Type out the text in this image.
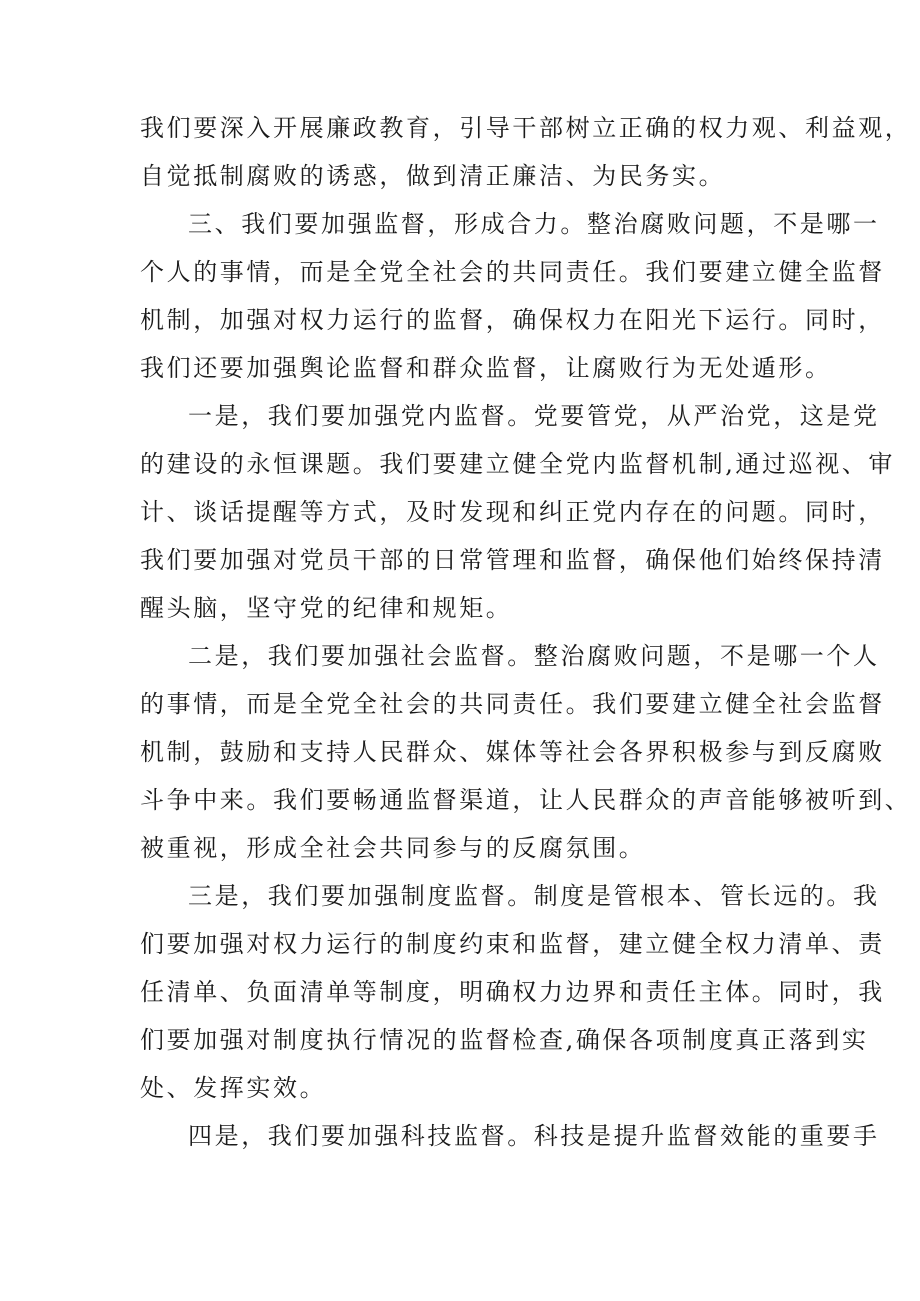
我们要深入开展廉政教育，引导干部树立正确的权力观、利益观，

自觉抵制腐败的诱惑，做到清正廉洁、为民务实。

三、我们要加强监督，形成合力。整治腐败问题，不是哪一

个人的事情，而是全党全社会的共同责任。我们要建立健全监督

机制，加强对权力运行的监督，确保权力在阳光下运行。同时，

我们还要加强舆论监督和群众监督，让腐败行为无处遁形。

一是，我们要加强党内监督。党要管党，从严治党，这是党

的建设的永恒课题。我们要建立健全党内监督机制,通过巡视、审

计、谈话提醒等方式，及时发现和纠正党内存在的问题。同时，

我们要加强对党员干部的日常管理和监督，确保他们始终保持清

醒头脑，坚守党的纪律和规矩。

二是，我们要加强社会监督。整治腐败问题，不是哪一个人

的事情，而是全党全社会的共同责任。我们要建立健全社会监督

机制，鼓励和支持人民群众、媒体等社会各界积极参与到反腐败

斗争中来。我们要畅通监督渠道，让人民群众的声音能够被听到、

被重视，形成全社会共同参与的反腐氛围。

三是，我们要加强制度监督。制度是管根本、管长远的。我

们要加强对权力运行的制度约束和监督，建立健全权力清单、责

任清单、负面清单等制度，明确权力边界和责任主体。同时，我

们要加强对制度执行情况的监督检查,确保各项制度真正落到实

处、发挥实效。

四是，我们要加强科技监督。科技是提升监督效能的重要手
